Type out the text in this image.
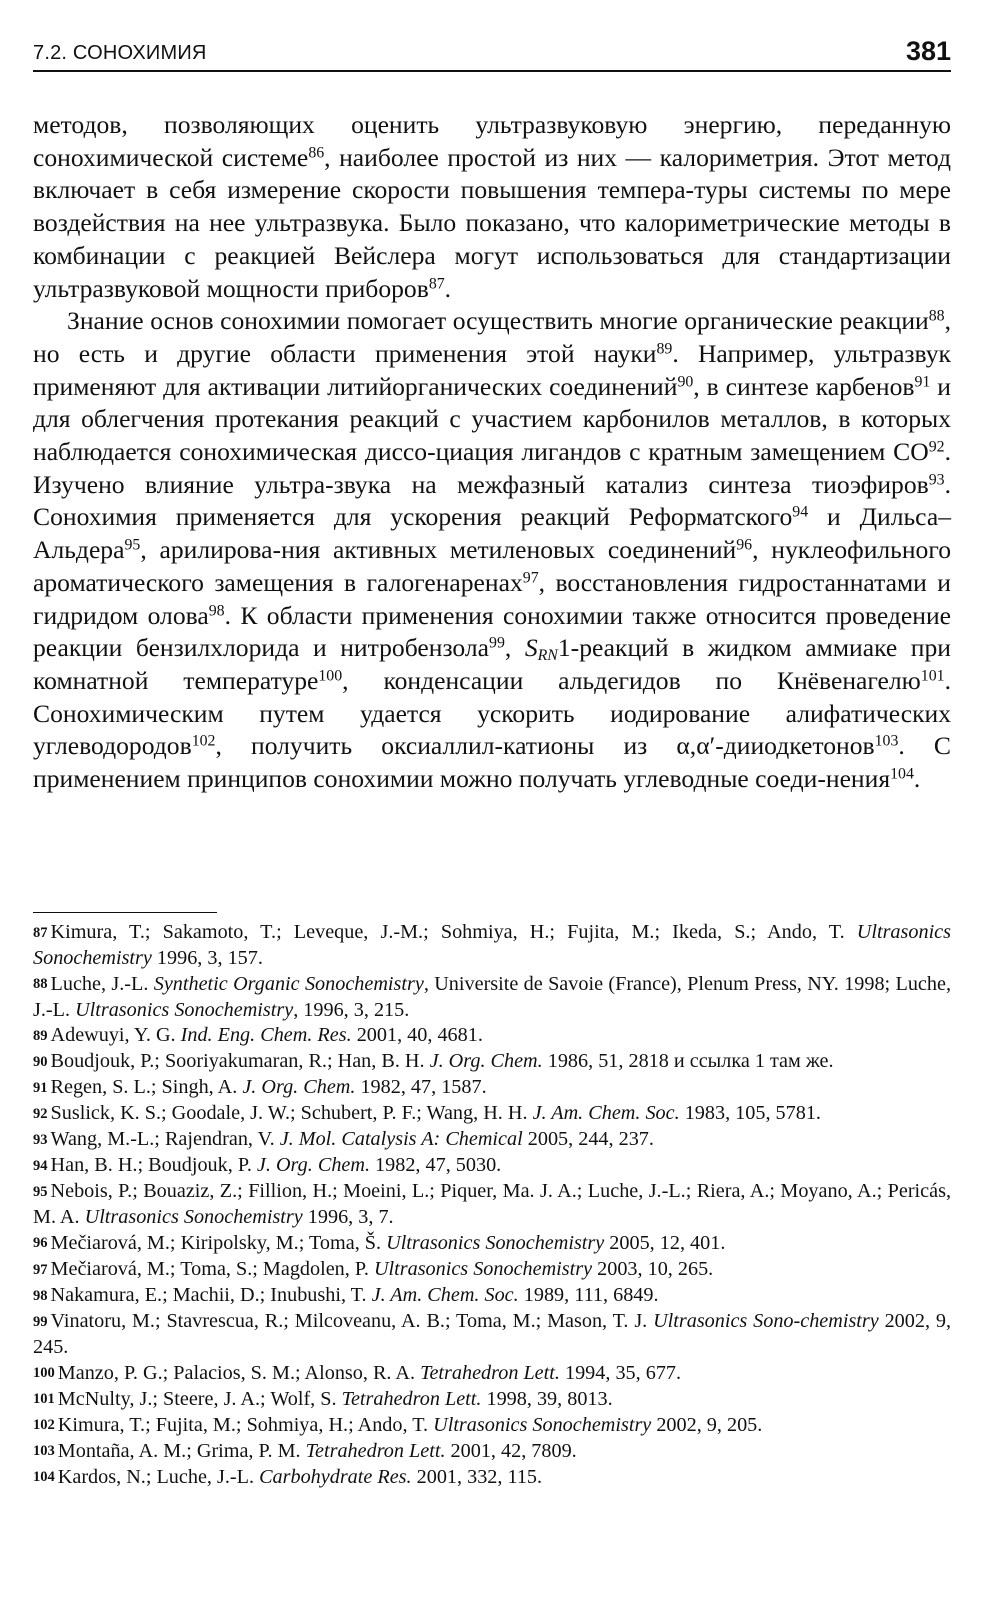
7.2. СОНОХИМИЯ	381

методов, позволяющих оценить ультразвуковую энергию, переданную сонохимической системе$^{86}$, наиболее простой из них — калориметрия. Этот метод включает в себя измерение скорости повышения темпера-туры системы по мере воздействия на нее ультразвука. Было показано, что калориметрические методы в комбинации с реакцией Вейслера могут использоваться для стандартизации ультразвуковой мощности приборов$^{87}$.

Знание основ сонохимии помогает осуществить многие органические реакции$^{88}$, но есть и другие области применения этой науки$^{89}$. Например, ультразвук применяют для активации литийорганических соединений$^{90}$, в синтезе карбенов$^{91}$ и для облегчения протекания реакций с участием карбонилов металлов, в которых наблюдается сонохимическая диссо-циация лигандов с кратным замещением CO$^{92}$. Изучено влияние ультра-звука на межфазный катализ синтеза тиоэфиров$^{93}$. Сонохимия применяется для ускорения реакций Реформатского$^{94}$ и Дильса–Альдера$^{95}$, арилирова-ния активных метиленовых соединений$^{96}$, нуклеофильного ароматического замещения в галогенаренах$^{97}$, восстановления гидростаннатами и гидридом олова$^{98}$. К области применения сонохимии также относится проведение реакции бензилхлорида и нитробензола$^{99}$, $S_{RN}1$-реакций в жидком аммиаке при комнатной температуре$^{100}$, конденсации альдегидов по Кнёвенагелю$^{101}$. Сонохимическим путем удается ускорить иодирование алифатических углеводородов$^{102}$, получить оксиаллил-катионы из α,α′-дииодкетонов$^{103}$. С применением принципов сонохимии можно получать углеводные соеди-нения$^{104}$.

87 Kimura, T.; Sakamoto, T.; Leveque, J.-M.; Sohmiya, H.; Fujita, M.; Ikeda, S.; Ando, T. Ultrasonics Sonochemistry 1996, 3, 157.

88 Luche, J.-L. Synthetic Organic Sonochemistry, Universite de Savoie (France), Plenum Press, NY. 1998; Luche, J.-L. Ultrasonics Sonochemistry, 1996, 3, 215.

89 Adewuyi, Y. G. Ind. Eng. Chem. Res. 2001, 40, 4681.

90 Boudjouk, P.; Sooriyakumaran, R.; Han, B. H. J. Org. Chem. 1986, 51, 2818 и ссылка 1 там же.

91 Regen, S. L.; Singh, A. J. Org. Chem. 1982, 47, 1587.

92 Suslick, K. S.; Goodale, J. W.; Schubert, P. F.; Wang, H. H. J. Am. Chem. Soc. 1983, 105, 5781.

93 Wang, M.-L.; Rajendran, V. J. Mol. Catalysis A: Chemical 2005, 244, 237.

94 Han, B. H.; Boudjouk, P. J. Org. Chem. 1982, 47, 5030.

95 Nebois, P.; Bouaziz, Z.; Fillion, H.; Moeini, L.; Piquer, Ma. J. A.; Luche, J.-L.; Riera, A.; Moyano, A.; Pericás, M. A. Ultrasonics Sonochemistry 1996, 3, 7.

96 Mečiarová, M.; Kiripolsky, M.; Toma, Š. Ultrasonics Sonochemistry 2005, 12, 401.

97 Mečiarová, M.; Toma, S.; Magdolen, P. Ultrasonics Sonochemistry 2003, 10, 265.

98 Nakamura, E.; Machii, D.; Inubushi, T. J. Am. Chem. Soc. 1989, 111, 6849.

99 Vinatoru, M.; Stavrescua, R.; Milcoveanu, A. B.; Toma, M.; Mason, T. J. Ultrasonics Sono-chemistry 2002, 9, 245.

100 Manzo, P. G.; Palacios, S. M.; Alonso, R. A. Tetrahedron Lett. 1994, 35, 677.

101 McNulty, J.; Steere, J. A.; Wolf, S. Tetrahedron Lett. 1998, 39, 8013.

102 Kimura, T.; Fujita, M.; Sohmiya, H.; Ando, T. Ultrasonics Sonochemistry 2002, 9, 205.

103 Montaña, A. M.; Grima, P. M. Tetrahedron Lett. 2001, 42, 7809.

104 Kardos, N.; Luche, J.-L. Carbohydrate Res. 2001, 332, 115.
